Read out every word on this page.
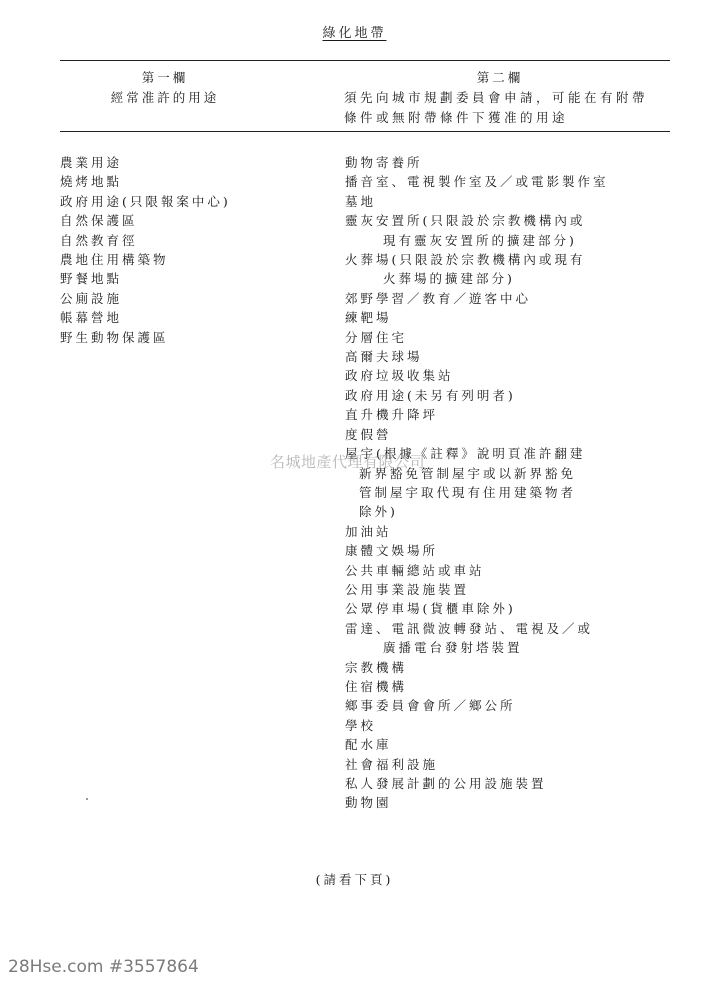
綠化地帶
第一欄
經常准許的用途
第二欄
須先向城市規劃委員會申請，可能在有附帶
條件或無附帶條件下獲准的用途
農業用途
燒烤地點
政府用途(只限報案中心)
自然保護區
自然教育徑
農地住用構築物
野餐地點
公廁設施
帳幕營地
野生動物保護區
動物寄養所
播音室、電視製作室及／或電影製作室
墓地
靈灰安置所(只限設於宗教機構內或
現有靈灰安置所的擴建部分)
火葬場(只限設於宗教機構內或現有
火葬場的擴建部分)
郊野學習／教育／遊客中心
練靶場
分層住宅
高爾夫球場
政府垃圾收集站
政府用途(未另有列明者)
直升機升降坪
度假營
屋宇(根據《註釋》說明頁准許翻建
新界豁免管制屋宇或以新界豁免
管制屋宇取代現有住用建築物者
除外)
加油站
康體文娛場所
公共車輛總站或車站
公用事業設施裝置
公眾停車場(貨櫃車除外)
雷達、電訊微波轉發站、電視及／或
廣播電台發射塔裝置
宗教機構
住宿機構
鄉事委員會會所／鄉公所
學校
配水庫
社會福利設施
私人發展計劃的公用設施裝置
動物園
名城地產代理有限公司
(請看下頁)
28Hse.com #3557864
